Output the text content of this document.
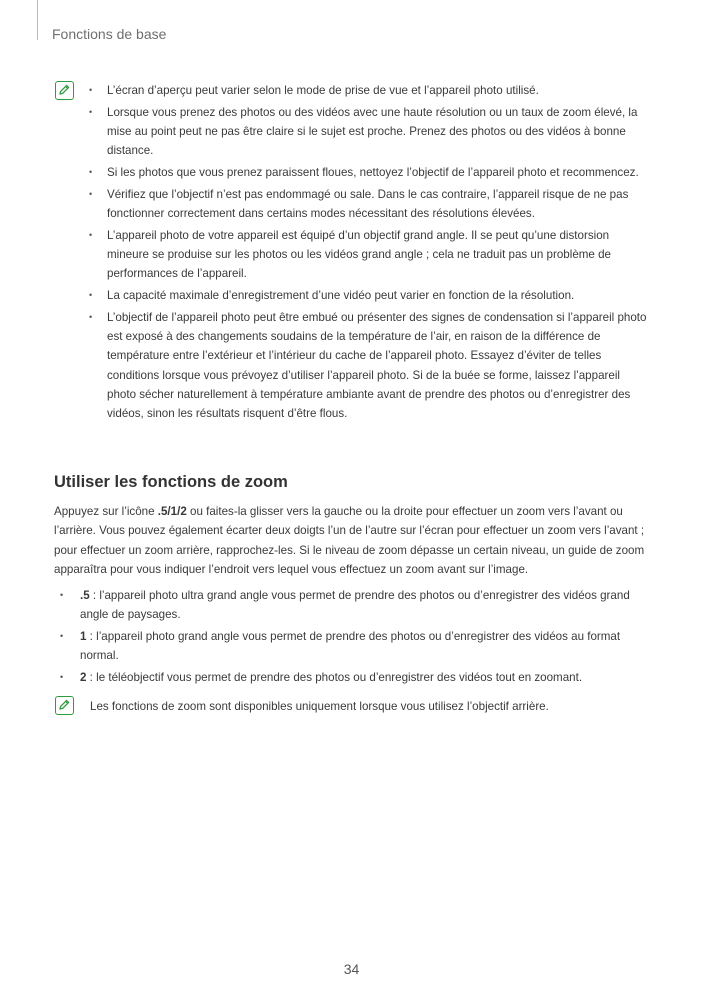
Fonctions de base
• L’écran d’aperçu peut varier selon le mode de prise de vue et l’appareil photo utilisé.
• Lorsque vous prenez des photos ou des vidéos avec une haute résolution ou un taux de zoom élevé, la mise au point peut ne pas être claire si le sujet est proche. Prenez des photos ou des vidéos à bonne distance.
• Si les photos que vous prenez paraissent floues, nettoyez l’objectif de l’appareil photo et recommencez.
• Vérifiez que l’objectif n’est pas endommagé ou sale. Dans le cas contraire, l’appareil risque de ne pas fonctionner correctement dans certains modes nécessitant des résolutions élevées.
• L’appareil photo de votre appareil est équipé d’un objectif grand angle. Il se peut qu’une distorsion mineure se produise sur les photos ou les vidéos grand angle ; cela ne traduit pas un problème de performances de l’appareil.
• La capacité maximale d’enregistrement d’une vidéo peut varier en fonction de la résolution.
• L’objectif de l’appareil photo peut être embué ou présenter des signes de condensation si l’appareil photo est exposé à des changements soudains de la température de l’air, en raison de la différence de température entre l’extérieur et l’intérieur du cache de l’appareil photo. Essayez d’éviter de telles conditions lorsque vous prévoyez d’utiliser l’appareil photo. Si de la buée se forme, laissez l’appareil photo sécher naturellement à température ambiante avant de prendre des photos ou d’enregistrer des vidéos, sinon les résultats risquent d’être flous.
Utiliser les fonctions de zoom

Appuyez sur l’icône .5/1/2 ou faites-la glisser vers la gauche ou la droite pour effectuer un zoom vers l’avant ou l’arrière. Vous pouvez également écarter deux doigts l’un de l’autre sur l’écran pour effectuer un zoom vers l’avant ; pour effectuer un zoom arrière, rapprochez-les. Si le niveau de zoom dépasse un certain niveau, un guide de zoom apparaîtra pour vous indiquer l’endroit vers lequel vous effectuez un zoom avant sur l’image.

• .5 : l’appareil photo ultra grand angle vous permet de prendre des photos ou d’enregistrer des vidéos grand angle de paysages.
• 1 : l’appareil photo grand angle vous permet de prendre des photos ou d’enregistrer des vidéos au format normal.
• 2 : le téléobjectif vous permet de prendre des photos ou d’enregistrer des vidéos tout en zoomant.
Les fonctions de zoom sont disponibles uniquement lorsque vous utilisez l’objectif arrière.
34
